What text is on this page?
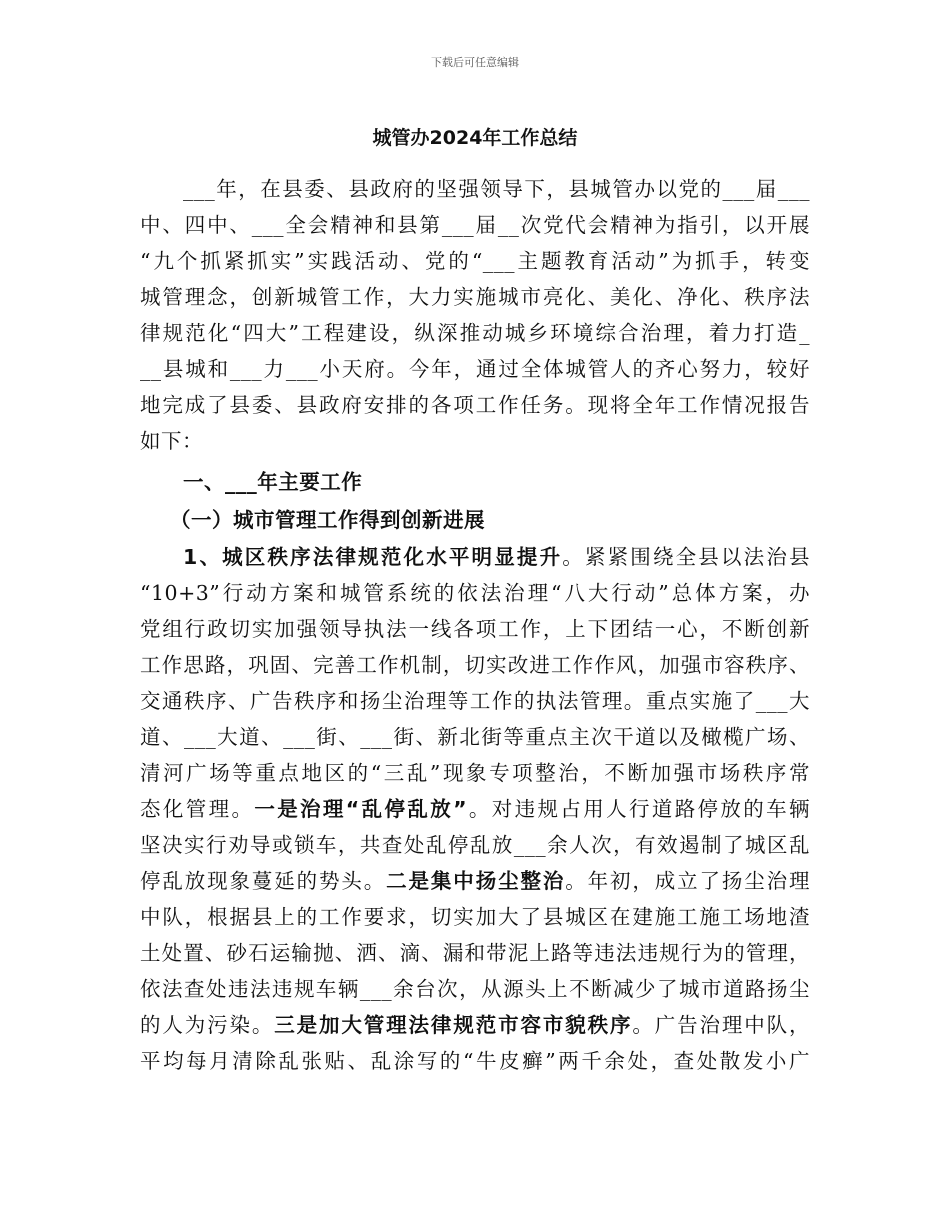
下载后可任意编辑
城管办2024年工作总结
___年，在县委、县政府的坚强领导下，县城管办以党的___届___
中、四中、___全会精神和县第___届__次党代会精神为指引，以开展
“九个抓紧抓实”实践活动、党的“___主题教育活动”为抓手，转变
城管理念，创新城管工作，大力实施城市亮化、美化、净化、秩序法
律规范化“四大”工程建设，纵深推动城乡环境综合治理，着力打造_
__县城和___力___小天府。今年，通过全体城管人的齐心努力，较好
地完成了县委、县政府安排的各项工作任务。现将全年工作情况报告
如下：
一、___年主要工作
（一）城市管理工作得到创新进展
1、城区秩序法律规范化水平明显提升。紧紧围绕全县以法治县
“10+3”行动方案和城管系统的依法治理“八大行动”总体方案，办
党组行政切实加强领导执法一线各项工作，上下团结一心，不断创新
工作思路，巩固、完善工作机制，切实改进工作作风，加强市容秩序、
交通秩序、广告秩序和扬尘治理等工作的执法管理。重点实施了___大
道、___大道、___街、___街、新北街等重点主次干道以及橄榄广场、
清河广场等重点地区的“三乱”现象专项整治，不断加强市场秩序常
态化管理。一是治理“乱停乱放”。对违规占用人行道路停放的车辆
坚决实行劝导或锁车，共查处乱停乱放___余人次，有效遏制了城区乱
停乱放现象蔓延的势头。二是集中扬尘整治。年初，成立了扬尘治理
中队，根据县上的工作要求，切实加大了县城区在建施工施工场地渣
土处置、砂石运输抛、洒、滴、漏和带泥上路等违法违规行为的管理，
依法查处违法违规车辆___余台次，从源头上不断减少了城市道路扬尘
的人为污染。三是加大管理法律规范市容市貌秩序。广告治理中队，
平均每月清除乱张贴、乱涂写的“牛皮癣”两千余处，查处散发小广
